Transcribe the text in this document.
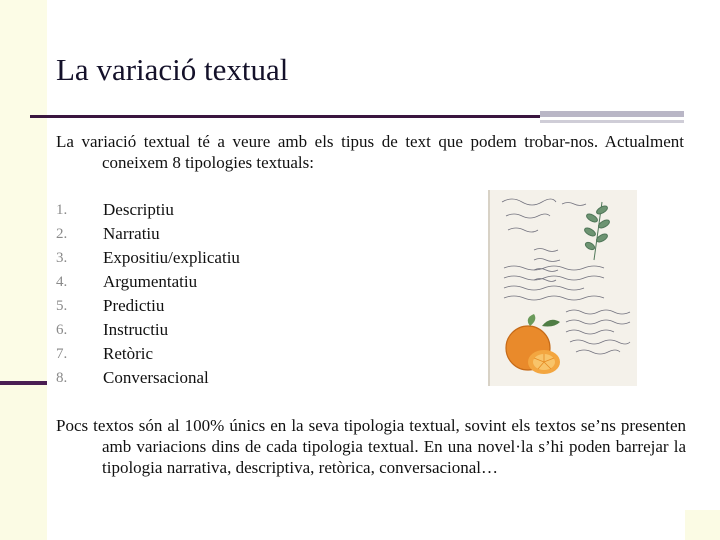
La variació textual
La variació textual té a veure amb els tipus de text que podem trobar-nos. Actualment coneixem 8 tipologies textuals:
1.	Descriptiu
2.	Narratiu
3.	Expositiu/explicatiu
4.	Argumentatiu
5.	Predictiu
6.	Instructiu
7.	Retòric
8.	Conversacional
Pocs textos són al 100% únics en la seva tipologia textual, sovint els textos se’ns presenten amb variacions dins de cada tipologia textual. En una novel·la s’hi poden barrejar la tipologia narrativa, descriptiva, retòrica, conversacional…
